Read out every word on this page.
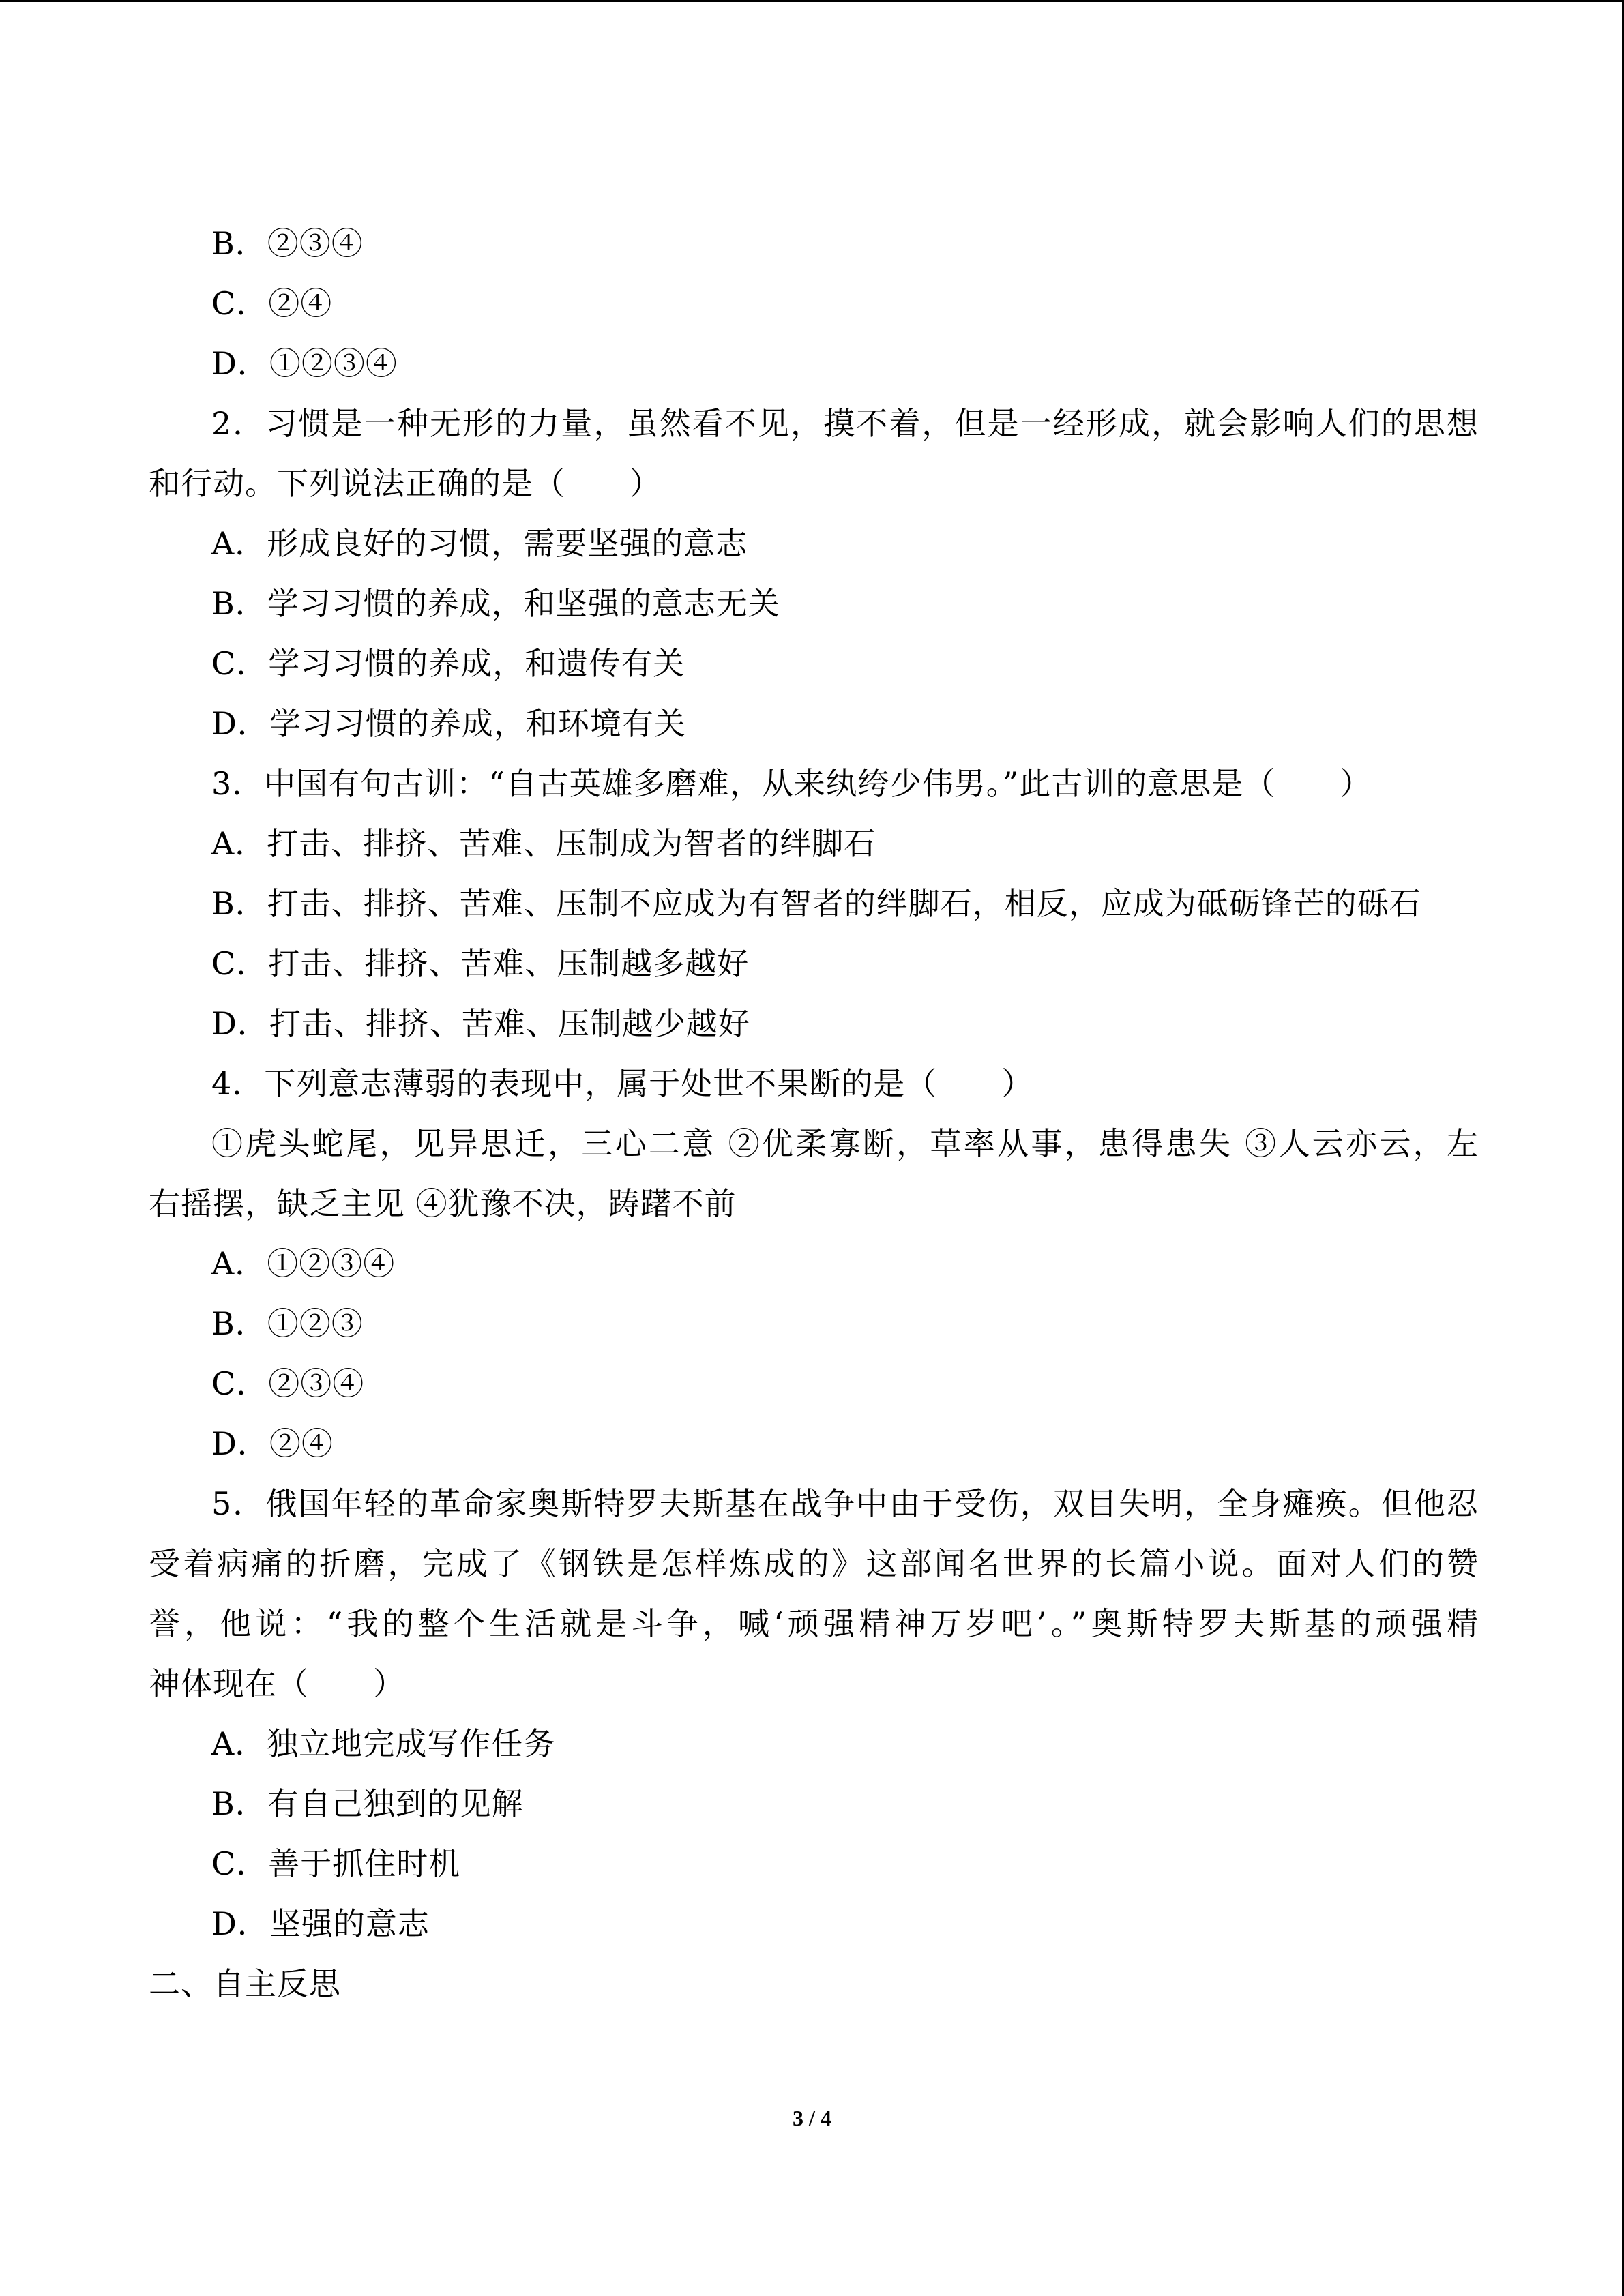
B．②③④
C．②④
D．①②③④
2．习惯是一种无形的力量，虽然看不见，摸不着，但是一经形成，就会影响人们的思想
和行动。下列说法正确的是（　　）
A．形成良好的习惯，需要坚强的意志
B．学习习惯的养成，和坚强的意志无关
C．学习习惯的养成，和遗传有关
D．学习习惯的养成，和环境有关
3．中国有句古训：“自古英雄多磨难，从来纨绔少伟男。”此古训的意思是（　　）
A．打击、排挤、苦难、压制成为智者的绊脚石
B．打击、排挤、苦难、压制不应成为有智者的绊脚石，相反，应成为砥砺锋芒的砾石
C．打击、排挤、苦难、压制越多越好
D．打击、排挤、苦难、压制越少越好
4．下列意志薄弱的表现中，属于处世不果断的是（　　）
①虎头蛇尾，见异思迁，三心二意 ②优柔寡断，草率从事，患得患失 ③人云亦云，左
右摇摆，缺乏主见 ④犹豫不决，踌躇不前
A．①②③④
B．①②③
C．②③④
D．②④
5．俄国年轻的革命家奥斯特罗夫斯基在战争中由于受伤，双目失明，全身瘫痪。但他忍
受着病痛的折磨，完成了《钢铁是怎样炼成的》这部闻名世界的长篇小说。面对人们的赞
誉，他说：“我的整个生活就是斗争，喊‘顽强精神万岁吧’。”奥斯特罗夫斯基的顽强精
神体现在（　　）
A．独立地完成写作任务
B．有自己独到的见解
C．善于抓住时机
D．坚强的意志
二、自主反思
3 / 4
